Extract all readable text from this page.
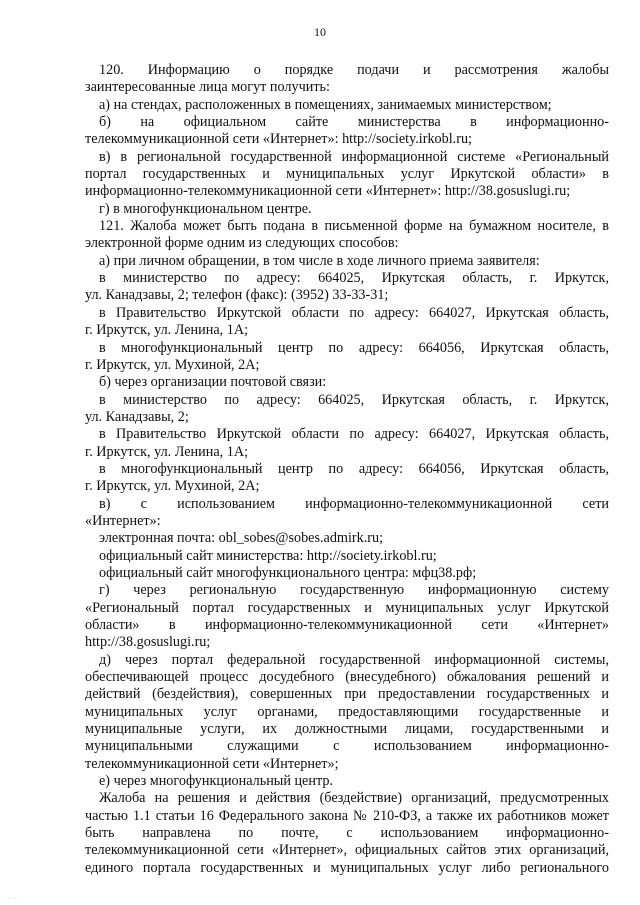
10
120. Информацию о порядке подачи и рассмотрения жалобы
заинтересованные лица могут получить:
а) на стендах, расположенных в помещениях, занимаемых министерством;
б) на официальном сайте министерства в информационно-
телекоммуникационной сети «Интернет»: http://society.irkobl.ru;
в) в региональной государственной информационной системе «Региональный
портал государственных и муниципальных услуг Иркутской области» в
информационно-телекоммуникационной сети «Интернет»: http://38.gosuslugi.ru;
г) в многофункциональном центре.
121. Жалоба может быть подана в письменной форме на бумажном носителе, в
электронной форме одним из следующих способов:
а) при личном обращении, в том числе в ходе личного приема заявителя:
в министерство по адресу: 664025, Иркутская область, г. Иркутск,
ул. Канадзавы, 2; телефон (факс): (3952) 33-33-31;
в Правительство Иркутской области по адресу: 664027, Иркутская область,
г. Иркутск, ул. Ленина, 1А;
в многофункциональный центр по адресу: 664056, Иркутская область,
г. Иркутск, ул. Мухиной, 2А;
б) через организации почтовой связи:
в министерство по адресу: 664025, Иркутская область, г. Иркутск,
ул. Канадзавы, 2;
в Правительство Иркутской области по адресу: 664027, Иркутская область,
г. Иркутск, ул. Ленина, 1А;
в многофункциональный центр по адресу: 664056, Иркутская область,
г. Иркутск, ул. Мухиной, 2А;
в) с использованием информационно-телекоммуникационной сети
«Интернет»:
электронная почта: obl_sobes@sobes.admirk.ru;
официальный сайт министерства: http://society.irkobl.ru;
официальный сайт многофункционального центра: мфц38.рф;
г) через региональную государственную информационную систему
«Региональный портал государственных и муниципальных услуг Иркутской
области» в информационно-телекоммуникационной сети «Интернет»
http://38.gosuslugi.ru;
д) через портал федеральной государственной информационной системы,
обеспечивающей процесс досудебного (внесудебного) обжалования решений и
действий (бездействия), совершенных при предоставлении государственных и
муниципальных услуг органами, предоставляющими государственные и
муниципальные услуги, их должностными лицами, государственными и
муниципальными служащими с использованием информационно-
телекоммуникационной сети «Интернет»;
е) через многофункциональный центр.
Жалоба на решения и действия (бездействие) организаций, предусмотренных
частью 1.1 статьи 16 Федерального закона № 210-ФЗ, а также их работников может
быть направлена по почте, с использованием информационно-
телекоммуникационной сети «Интернет», официальных сайтов этих организаций,
единого портала государственных и муниципальных услуг либо регионального
· · · ·
